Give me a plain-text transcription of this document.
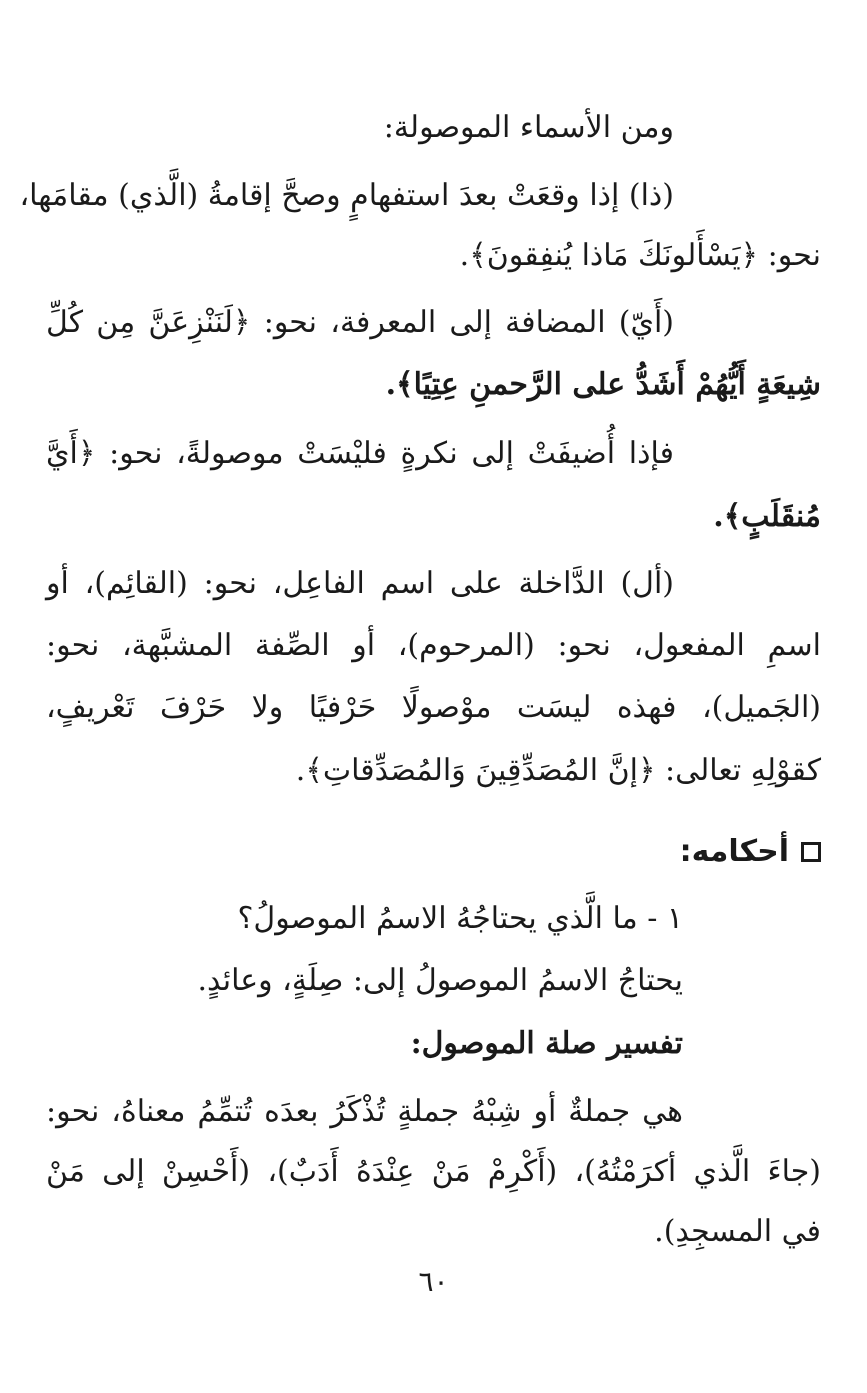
ومن الأسماء الموصولة:
(ذا) إذا وقعَتْ بعدَ استفهامٍ وصحَّ إقامةُ (الَّذي) مقامَها،
نحو: ﴿يَسْأَلونَكَ مَاذا يُنفِقونَ﴾.
(أَيّ) المضافة إلى المعرفة، نحو: ﴿لَنَنْزِعَنَّ مِن كُلِّ
شِيعَةٍ أَيُّهُمْ أَشَدُّ على الرَّحمنِ عِتِيًا﴾.
فإذا أُضيفَتْ إلى نكرةٍ فليْسَتْ موصولةً، نحو: ﴿أَيَّ
مُنقَلَبٍ﴾.
(أل) الدَّاخلة على اسم الفاعِل، نحو: (القائِم)، أو
اسمِ المفعول، نحو: (المرحوم)، أو الصِّفة المشبَّهة، نحو:
(الجَميل)، فهذه ليسَت موْصولًا حَرْفيًا ولا حَرْفَ تَعْريفٍ،
كقوْلِهِ تعالى: ﴿إنَّ المُصَدِّقِينَ وَالمُصَدِّقاتِ﴾.
أحكامه:
١ - ما الَّذي يحتاجُهُ الاسمُ الموصولُ؟
يحتاجُ الاسمُ الموصولُ إلى: صِلَةٍ، وعائدٍ.
تفسير صلة الموصول:
هي جملةٌ أو شِبْهُ جملةٍ تُذْكَرُ بعدَه تُتمِّمُ معناهُ، نحو:
(جاءَ الَّذي أكرَمْتُهُ)، (أَكْرِمْ مَنْ عِنْدَهُ أَدَبٌ)، (أَحْسِنْ إلى مَنْ
في المسجِدِ).
٦٠
